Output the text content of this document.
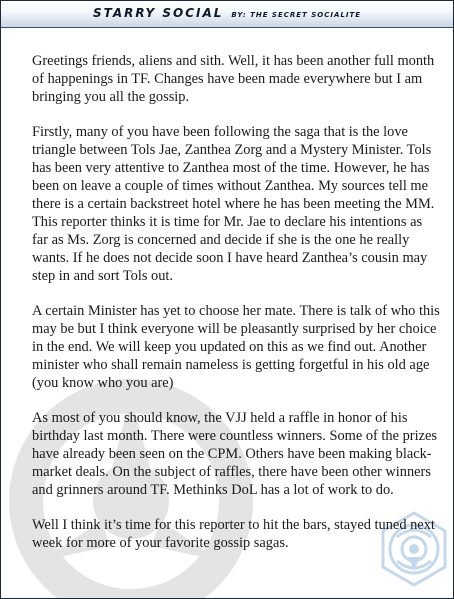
STARRY SOCIAL BY: THE SECRET SOCIALITE

Greetings friends, aliens and sith. Well, it has been another full month of happenings in TF. Changes have been made everywhere but I am bringing you all the gossip.

Firstly, many of you have been following the saga that is the love triangle between Tols Jae, Zanthea Zorg and a Mystery Minister. Tols has been very attentive to Zanthea most of the time. However, he has been on leave a couple of times without Zanthea. My sources tell me there is a certain backstreet hotel where he has been meeting the MM. This reporter thinks it is time for Mr. Jae to declare his intentions as far as Ms. Zorg is concerned and decide if she is the one he really wants. If he does not decide soon I have heard Zanthea’s cousin may step in and sort Tols out.

A certain Minister has yet to choose her mate. There is talk of who this may be but I think everyone will be pleasantly surprised by her choice in the end. We will keep you updated on this as we find out. Another minister who shall remain nameless is getting forgetful in his old age (you know who you are)

As most of you should know, the VJJ held a raffle in honor of his birthday last month. There were countless winners. Some of the prizes have already been seen on the CPM. Others have been making black-market deals. On the subject of raffles, there have been other winners and grinners around TF. Methinks DoL has a lot of work to do.

Well I think it’s time for this reporter to hit the bars, stayed tuned next week for more of your favorite gossip sagas.
